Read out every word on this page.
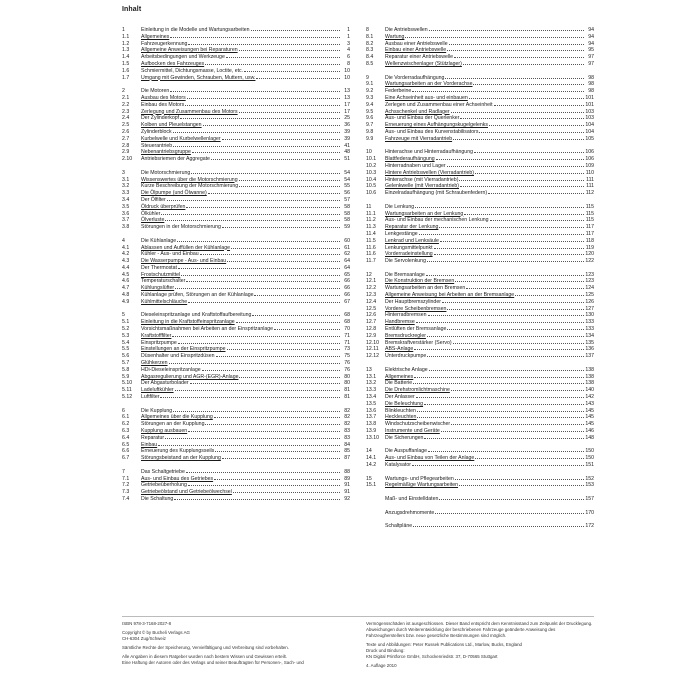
Inhalt
1	Einleitung in die Modelle und Wartungsarbeiten	1
1.1	Allgemeines	1
1.2	Fahrzeugerkennung	3
1.3	Allgemeine Anweisungen bei Reparaturen	4
1.4	Arbeitsbedingungen und Werkzeuge	6
1.5	Aufbocken des Fahrzeuges	8
1.6	Schmiermittel, Dichtungsmasse, Loctite, etc.	10
1.7	Umgang mit Gewinden, Schrauben, Muttern, usw.	10
2	Die Motoren	13
2.1	Ausbau des Motors	13
2.2	Einbau des Motors	17
2.3	Zerlegung und Zusammenbau des Motors	17
2.4	Der Zylinderkopf	25
2.5	Kolben und Pleuelstangen	36
2.6	Zylinderblock	39
2.7	Kurbelwelle und Kurbelwellenlager	39
2.8	Steuerantrieb	41
2.9	Nebenantriebsgruppe	48
2.10	Antriebsriemen der Aggregate	51
3	Die Motorschmierung	54
3.1	Wissenswertes über die Motorschmierung	54
3.2	Kurze Beschreibung der Motorschmierung	55
3.3	Die Ölpumpe (und Ölwanne)	56
3.4	Der Ölfilter	57
3.5	Öldruck überprüfen	58
3.6	Ölkühler	58
3.7	Ölverluste	58
3.8	Störungen in der Motorschmierung	59
4	Die Kühlanlage	60
4.1	Ablassen und Auffüllen der Kühlanlage	61
4.2	Kühler - Aus- und Einbau	62
4.3	Die Wasserpumpe - Aus- und Einbau	64
4.4	Der Thermostat	64
4.5	Frostschutzmittel	65
4.6	Temperaturschalter	66
4.7	Kühlungslüfter	66
4.8	Kühlanlage prüfen, Störungen an der Kühlanlage	66
4.9	Kühlmittelschläuche	67
5	Dieseleinspritzanlage und Kraftstoffaufbereitung	68
5.1	Einleitung in die Kraftstoffeinspritzanlage	68
5.2	Vorsichtsmaßnahmen bei Arbeiten an der Einspritzanlage	70
5.3	Kraftstofffilter	71
5.4	Einspritzpumpe	71
5.5	Einstellungen an der Einspritzpumpe	73
5.6	Düsenhalter und Einspritzdüsen	75
5.7	Glühkerzen	76
5.8	HDi-Dieseleinspritzanlage	76
5.9	Abgasregulierung und AGR-(EGR)-Anlage	80
5.10	Der Abgasturbolader	80
5.11	Ladeluftkühler	81
5.12	Luftfilter	81
6	Die Kupplung	82
6.1	Allgemeines über die Kupplung	82
6.2	Störungen an der Kupplung	82
6.3	Kupplung ausbauen	83
6.4	Reparatur	83
6.5	Einbau	84
6.6	Erneuerung des Kupplungsseils	85
6.7	Störungsbeistand an der Kupplung	87
7	Das Schaltgetriebe	88
7.1	Aus- und Einbau des Getriebes	89
7.2	Getriebeüberholung	91
7.3	Getriebeölstand und Getriebeölwechsel	91
7.4	Die Schaltung	92
8	Die Antriebswellen	94
8.1	Wartung	94
8.2	Ausbau einer Antriebswelle	94
8.3	Einbau einer Antriebswelle	95
8.4	Reparatur einer Antriebswelle	97
8.5	Wellenzwischenlager (Stützlager)	97
9	Die Vorderradaufhängung	98
9.1	Wartungsarbeiten an der Vorderachse	98
9.2	Federbeine	98
9.3	Eine Achseinheit aus- und einbauen	101
9.4	Zerlegen und Zusammenbau einer Achseinheit	101
9.5	Achsschenkel und Radlager	103
9.6	Aus- und Einbau der Querlenker	103
9.7	Erneuerung eines Aufhängungskugelgelenks	104
9.8	Aus- und Einbau des Kurvenstabilisators	104
9.9	Fahrzeuge mit Vierradantrieb	105
10	Hinterachse und Hinterradaufhängung	106
10.1	Blattfederaufhängung	106
10.2	Hinterradnaben und Lager	109
10.3	Hintere Antriebswellen (Vierradantrieb)	110
10.4	Hinterachse (mit Vierradantrieb)	111
10.5	Gelenkwelle (mit Vierradantrieb)	111
10.6	Einzelradaufhängung (mit Schraubenfedern)	112
11	Die Lenkung	115
11.1	Wartungsarbeiten an der Lenkung	115
11.2	Aus- und Einbau der mechanischen Lenkung	115
11.3	Reparatur der Lenkung	117
11.4	Lenkgestänge	117
11.5	Lenkrad und Lenksäule	118
11.6	Lenkungsmittelpunkt	119
11.6	Vorderradeinstellung	120
11.7	Die Servolenkung	122
12	Die Bremsanlage	123
12.1	Die Konstruktion der Bremsen	123
12.2	Wartungsarbeiten an den Bremsen	124
12.3	Allgemeine Anweisung bei Arbeiten an der Bremsanlage	125
12.4	Der Hauptbremszylinder	126
12.5	Vordere Scheibenbremsen	127
12.6	Hinterradbremsen	130
12.7	Handbremse	133
12.8	Entlüften der Bremsanlage	133
12.9	Bremsdruckregler	134
12.10	Bremskraftverstärker (Servo)	135
12.11	ABS-Anlage	136
12.12	Unterdruckpumpe	137
13	Elektrische Anlage	138
13.1	Allgemeines	138
13.2	Die Batterie	138
13.3	Die Drehstromlichtmaschine	140
13.4	Der Anlasser	142
13.5	Die Beleuchtung	143
13.6	Blinkleuchten	145
13.7	Heckleuchten	145
13.8	Windschutzscheibenwischer	145
13.9	Instrumente und Geräte	146
13.10	Die Sicherungen	148
14	Die Auspuffanlage	150
14.1	Aus- und Einbau von Teilen der Anlage	150
14.2	Katalysator	151
15	Wartungs- und Pflegearbeiten	152
15.1	Regelmäßige Wartungsarbeiten	153
Maß- und Einstelldaten	157
Anzugsdrehmomente	170
Schaltpläne	172

ISBN 978-3-7168-2027-8

Copyright © by Bucheli Verlags AG
CH-6304 Zug/Schweiz

Sämtliche Rechte der Speicherung, Vervielfältigung und Verbreitung sind vorbehalten.

Alle Angaben in diesem Ratgeber wurden nach bestem Wissen und Gewissen erteilt.
Eine Haftung der Autoren oder des Verlags und seiner Beauftragten für Personen-, Sach- und

Vermögensschäden ist ausgeschlossen. Dieser Band entspricht dem Kenntnisstand zum Zeitpunkt der Drucklegung. Abweichungen durch Weiterentwicklung der beschriebenen Fahrzeuge geänderte Anweisung des Fahrzeugherstellers bzw. neue gesetzliche Bestimmungen sind möglich.

Texte und Abbildungen: Peter Russek Publications Ltd., Marlow, Bucks, England
Druck und Bindung:
KN Digital Printforce GmbH, Schockenriedstr. 37, D-70565 Stuttgart

4. Auflage 2010
